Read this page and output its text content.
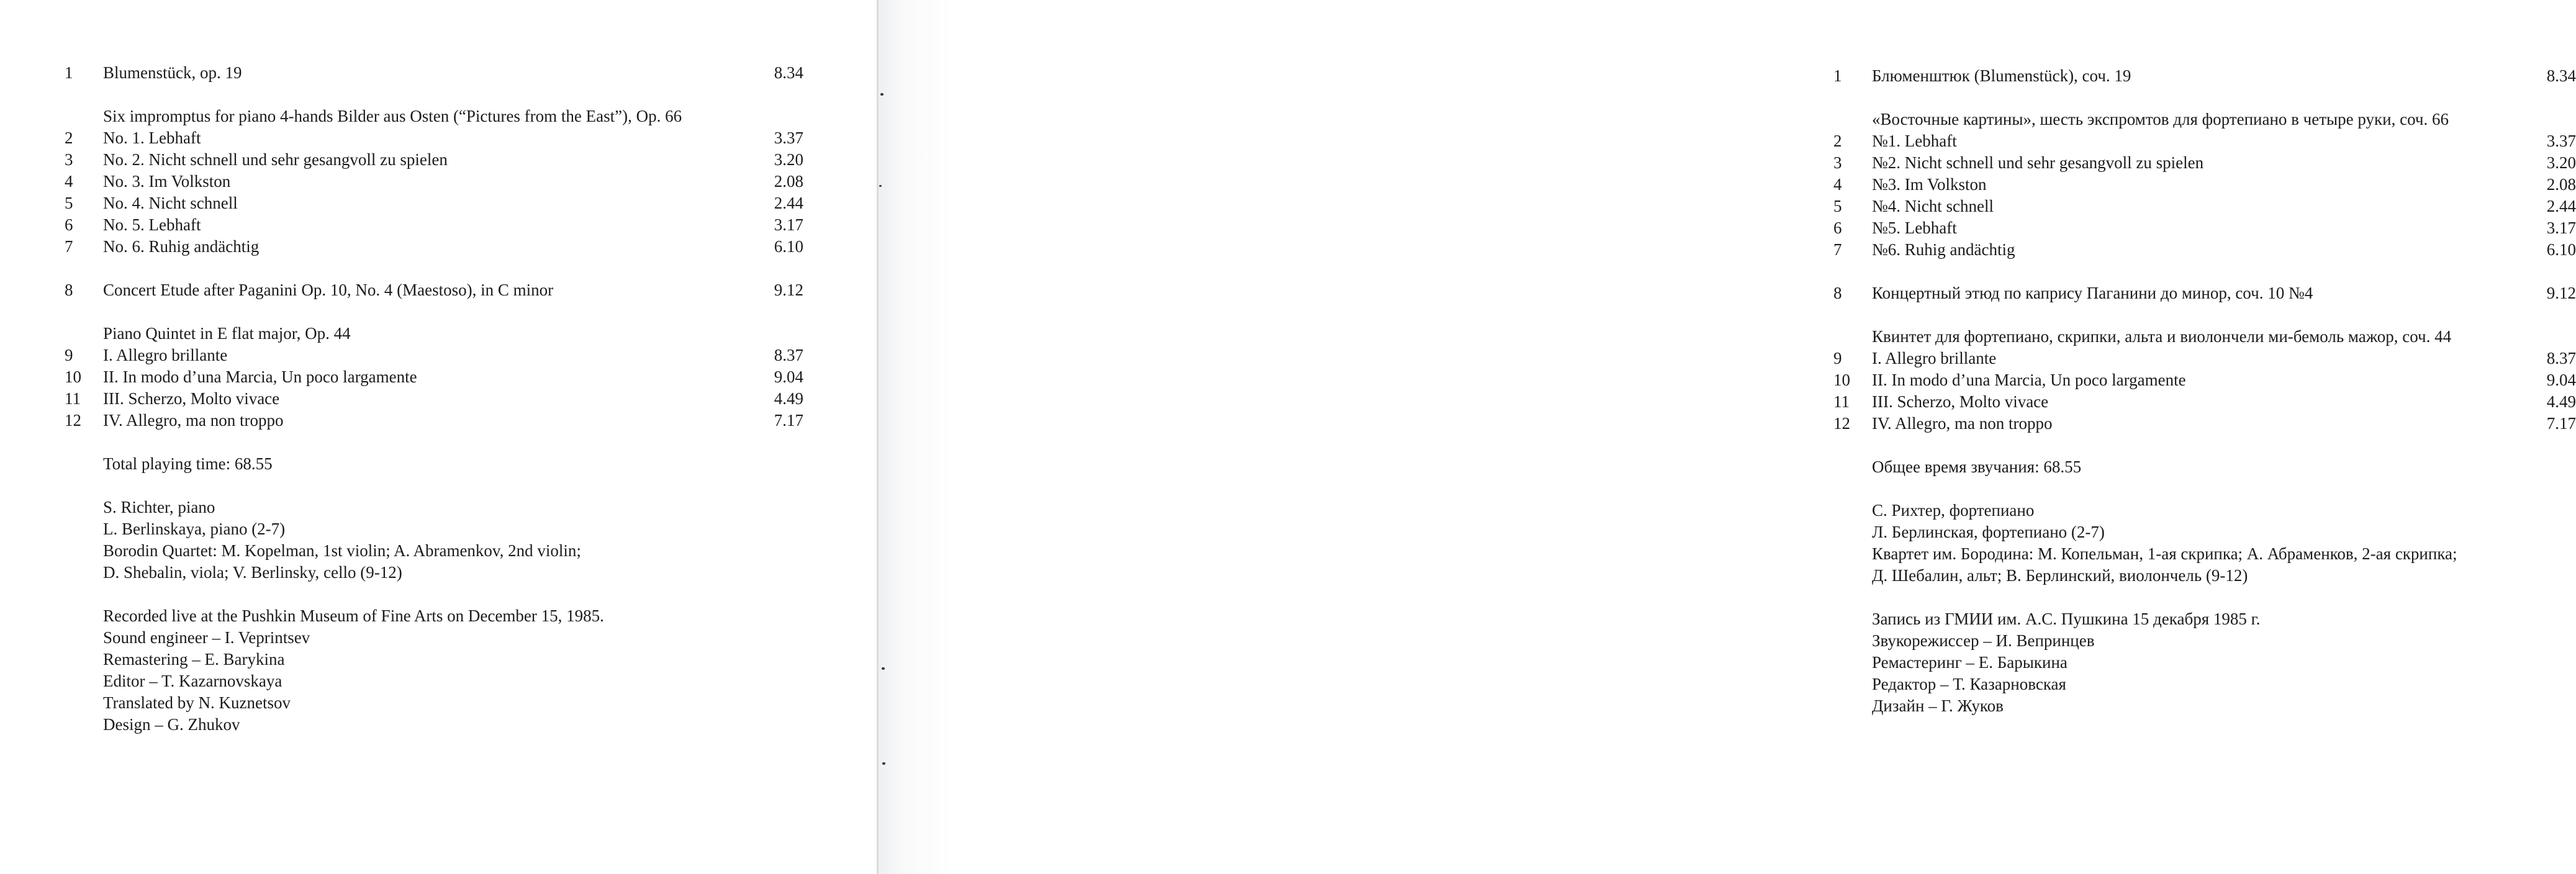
1	Blumenstück, op. 19	8.34
Six impromptus for piano 4-hands Bilder aus Osten (“Pictures from the East”), Op. 66
2	No. 1. Lebhaft	3.37
3	No. 2. Nicht schnell und sehr gesangvoll zu spielen	3.20
4	No. 3. Im Volkston	2.08
5	No. 4. Nicht schnell	2.44
6	No. 5. Lebhaft	3.17
7	No. 6. Ruhig andächtig	6.10
8	Concert Etude after Paganini Op. 10, No. 4 (Maestoso), in C minor	9.12
Piano Quintet in E flat major, Op. 44
9	I. Allegro brillante	8.37
10	II. In modo d’una Marcia, Un poco largamente	9.04
11	III. Scherzo, Molto vivace	4.49
12	IV. Allegro, ma non troppo	7.17
Total playing time: 68.55
S. Richter, piano
L. Berlinskaya, piano (2-7)
Borodin Quartet: M. Kopelman, 1st violin; A. Abramenkov, 2nd violin;
D. Shebalin, viola; V. Berlinsky, cello (9-12)
Recorded live at the Pushkin Museum of Fine Arts on December 15, 1985.
Sound engineer – I. Veprintsev
Remastering – E. Barykina
Editor – T. Kazarnovskaya
Translated by N. Kuznetsov
Design – G. Zhukov
1	Блюменштюк (Blumenstück), соч. 19	8.34
«Восточные картины», шесть экспромтов для фортепиано в четыре руки, соч. 66
2	№1. Lebhaft	3.37
3	№2. Nicht schnell und sehr gesangvoll zu spielen	3.20
4	№3. Im Volkston	2.08
5	№4. Nicht schnell	2.44
6	№5. Lebhaft	3.17
7	№6. Ruhig andächtig	6.10
8	Концертный этюд по капрису Паганини до минор, соч. 10 №4	9.12
Квинтет для фортепиано, скрипки, альта и виолончели ми-бемоль мажор, соч. 44
9	I. Allegro brillante	8.37
10	II. In modo d’una Marcia, Un poco largamente	9.04
11	III. Scherzo, Molto vivace	4.49
12	IV. Allegro, ma non troppo	7.17
Общее время звучания: 68.55
С. Рихтер, фортепиано
Л. Берлинская, фортепиано (2-7)
Квартет им. Бородина: М. Копельман, 1-ая скрипка; А. Абраменков, 2-ая скрипка;
Д. Шебалин, альт; В. Берлинский, виолончель (9-12)
Запись из ГМИИ им. А.С. Пушкина 15 декабря 1985 г.
Звукорежиссер – И. Вепринцев
Ремастеринг – Е. Барыкина
Редактор – Т. Казарновская
Дизайн – Г. Жуков
